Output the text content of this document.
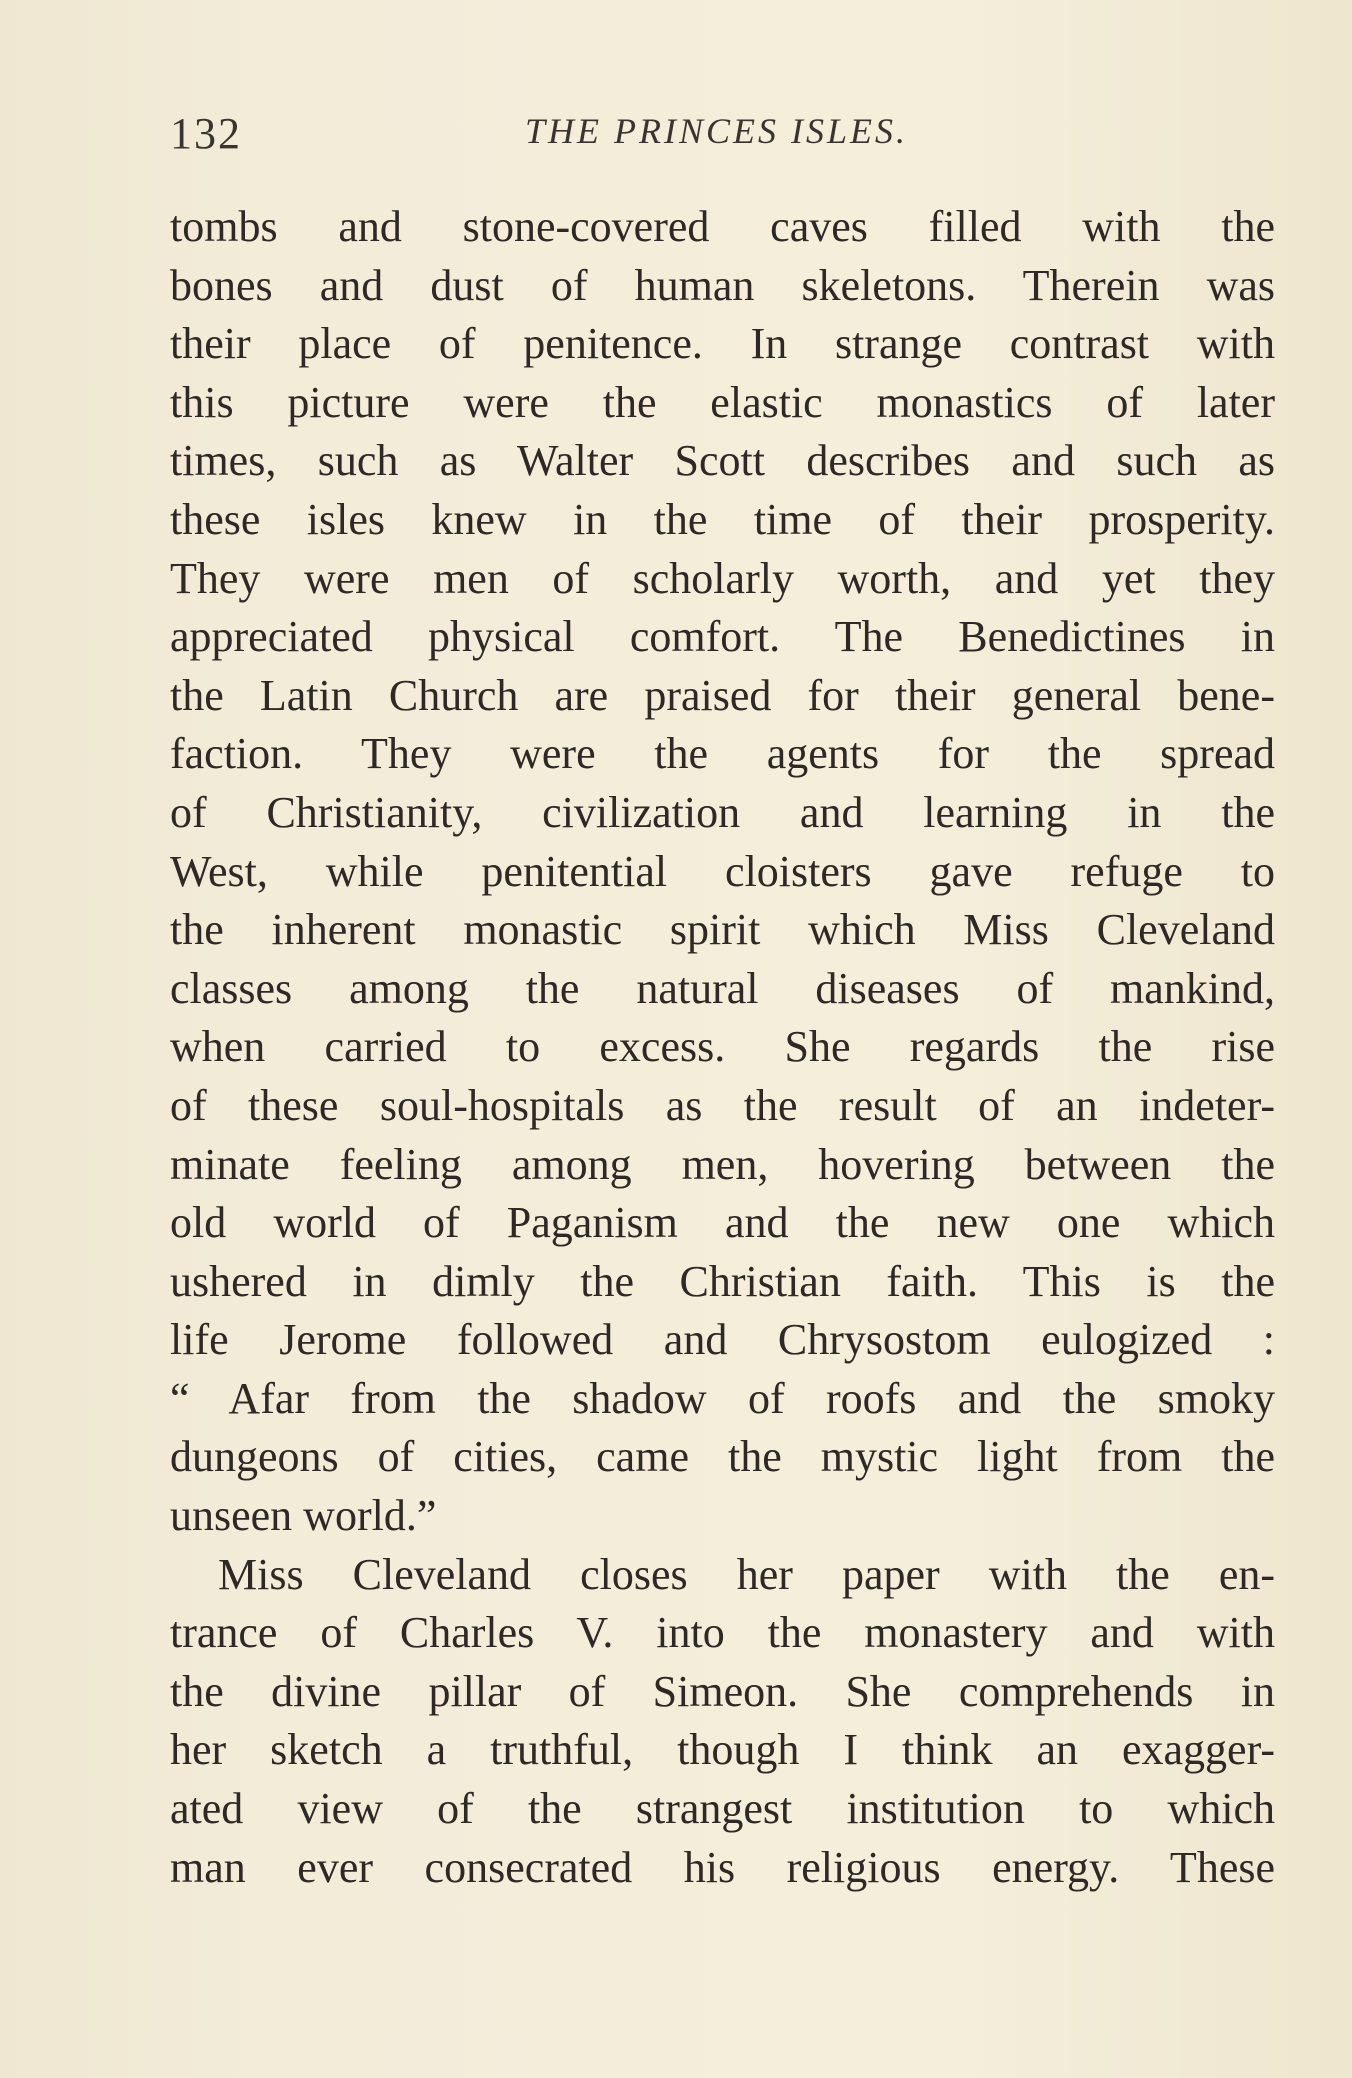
132	THE PRINCES ISLES.
tombs and stone-covered caves filled with the
bones and dust of human skeletons. Therein was
their place of penitence. In strange contrast with
this picture were the elastic monastics of later
times, such as Walter Scott describes and such as
these isles knew in the time of their prosperity.
They were men of scholarly worth, and yet they
appreciated physical comfort. The Benedictines in
the Latin Church are praised for their general bene-
faction. They were the agents for the spread
of Christianity, civilization and learning in the
West, while penitential cloisters gave refuge to
the inherent monastic spirit which Miss Cleveland
classes among the natural diseases of mankind,
when carried to excess. She regards the rise
of these soul-hospitals as the result of an indeter-
minate feeling among men, hovering between the
old world of Paganism and the new one which
ushered in dimly the Christian faith. This is the
life Jerome followed and Chrysostom eulogized :
“ Afar from the shadow of roofs and the smoky
dungeons of cities, came the mystic light from the
unseen world.”
Miss Cleveland closes her paper with the en-
trance of Charles V. into the monastery and with
the divine pillar of Simeon. She comprehends in
her sketch a truthful, though I think an exagger-
ated view of the strangest institution to which
man ever consecrated his religious energy. These
